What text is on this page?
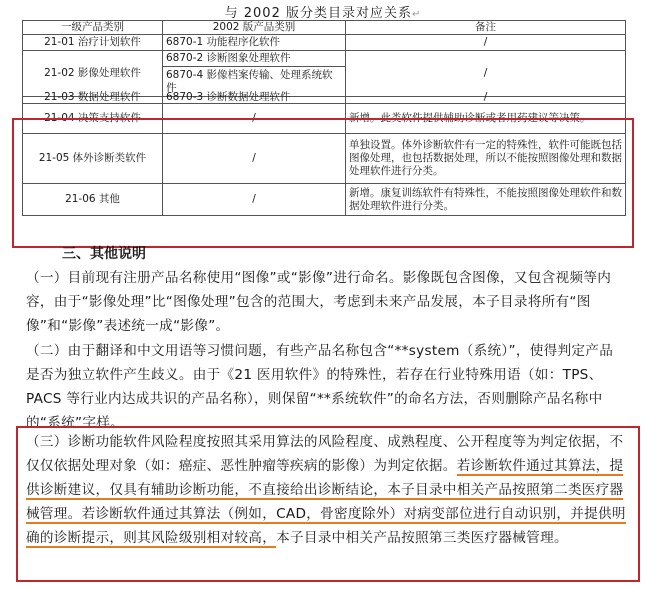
与 2002 版分类目录对应关系↵
一级产品类别	2002 版产品类别	备注
21-01 治疗计划软件	6870-1 功能程序化软件	/
21-02 影像处理软件	6870-2 诊断图象处理软件	/
	6870-4 影像档案传输、处理系统软件	

21-03 数据处理软件	6870-3 诊断数据处理软件	/

21-04 决策支持软件	/	新增。此类软件提供辅助诊断或者用药建议等决策。
21-05 体外诊断类软件	/	单独设置。体外诊断软件有一定的特殊性，软件可能既包括图像处理，也包括数据处理，所以不能按照图像处理和数据处理软件进行分类。
21-06 其他	/	新增。康复训练软件有特殊性，不能按照图像处理软件和数据处理软件进行分类。
三、其他说明
（一）目前现有注册产品名称使用“图像”或“影像”进行命名。影像既包含图像，又包含视频等内容，由于“影像处理”比“图像处理”包含的范围大，考虑到未来产品发展，本子目录将所有“图像”和“影像”表述统一成“影像”。
（二）由于翻译和中文用语等习惯问题，有些产品名称包含“**system（系统）”，使得判定产品是否为独立软件产生歧义。由于《21 医用软件》的特殊性，若存在行业特殊用语（如：TPS、PACS 等行业内达成共识的产品名称），则保留“**系统软件”的命名方法，否则删除产品名称中的“系统”字样。
（三）诊断功能软件风险程度按照其采用算法的风险程度、成熟程度、公开程度等为判定依据，不仅仅依据处理对象（如：癌症、恶性肿瘤等疾病的影像）为判定依据。若诊断软件通过其算法，提供诊断建议，仅具有辅助诊断功能，不直接给出诊断结论，本子目录中相关产品按照第二类医疗器械管理。若诊断软件通过其算法（例如，CAD，骨密度除外）对病变部位进行自动识别，并提供明确的诊断提示，则其风险级别相对较高，本子目录中相关产品按照第三类医疗器械管理。
